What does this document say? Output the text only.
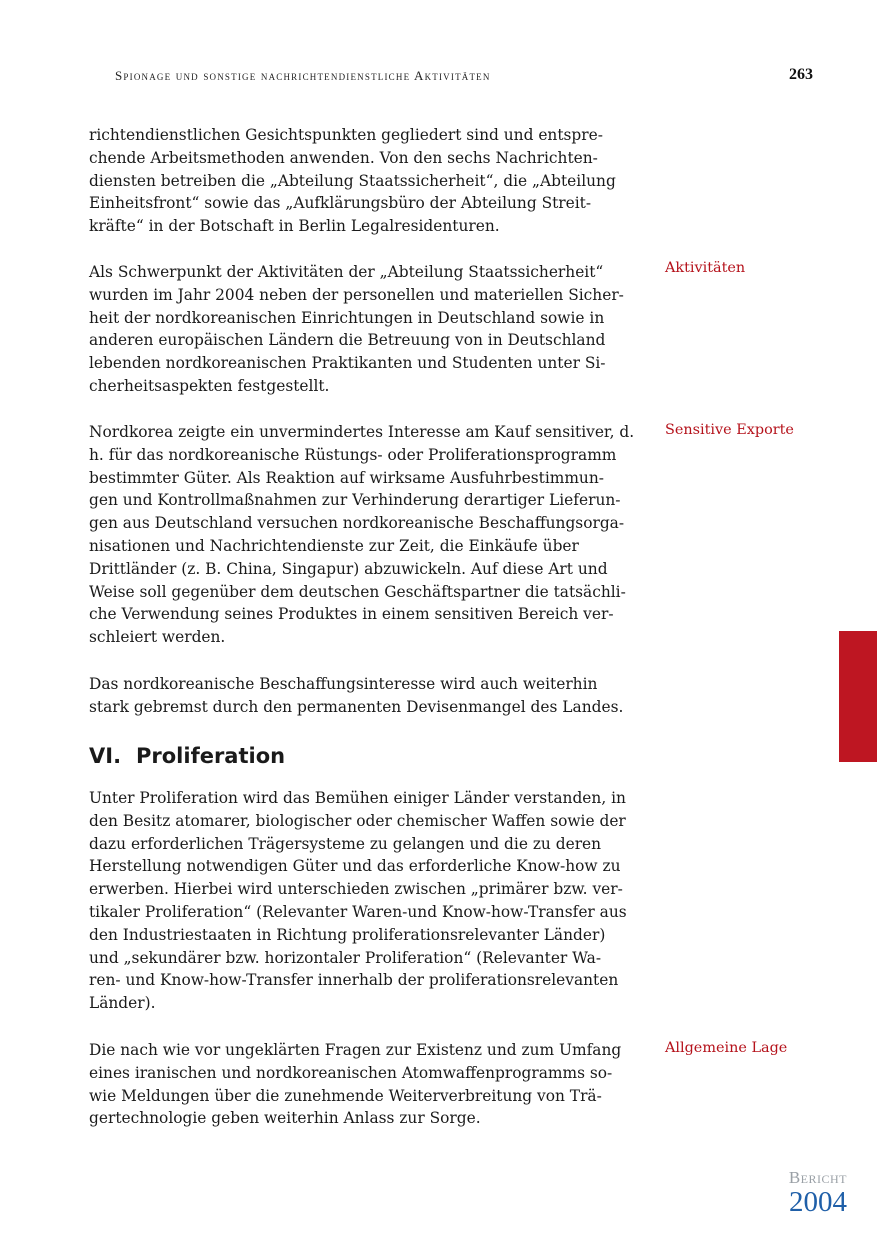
Spionage und sonstige nachrichtendienstliche Aktivitäten	263
richtendienstlichen Gesichtspunkten gegliedert sind und entspre-
chende Arbeitsmethoden anwenden. Von den sechs Nachrichten-
diensten betreiben die „Abteilung Staatssicherheit“, die „Abteilung
Einheitsfront“ sowie das „Aufklärungsbüro der Abteilung Streit-
kräfte“ in der Botschaft in Berlin Legalresidenturen.
Aktivitäten
Als Schwerpunkt der Aktivitäten der „Abteilung Staatssicherheit“
wurden im Jahr 2004 neben der personellen und materiellen Sicher-
heit der nordkoreanischen Einrichtungen in Deutschland sowie in
anderen europäischen Ländern die Betreuung von in Deutschland
lebenden nordkoreanischen Praktikanten und Studenten unter Si-
cherheitsaspekten festgestellt.
Sensitive Exporte
Nordkorea zeigte ein unvermindertes Interesse am Kauf sensitiver, d.
h. für das nordkoreanische Rüstungs- oder Proliferationsprogramm
bestimmter Güter. Als Reaktion auf wirksame Ausfuhrbestimmun-
gen und Kontrollmaßnahmen zur Verhinderung derartiger Lieferun-
gen aus Deutschland versuchen nordkoreanische Beschaffungsorga-
nisationen und Nachrichtendienste zur Zeit, die Einkäufe über
Drittländer (z. B. China, Singapur) abzuwickeln. Auf diese Art und
Weise soll gegenüber dem deutschen Geschäftspartner die tatsächli-
che Verwendung seines Produktes in einem sensitiven Bereich ver-
schleiert werden.
Das nordkoreanische Beschaffungsinteresse wird auch weiterhin
stark gebremst durch den permanenten Devisenmangel des Landes.
VI. Proliferation
Unter Proliferation wird das Bemühen einiger Länder verstanden, in
den Besitz atomarer, biologischer oder chemischer Waffen sowie der
dazu erforderlichen Trägersysteme zu gelangen und die zu deren
Herstellung notwendigen Güter und das erforderliche Know-how zu
erwerben. Hierbei wird unterschieden zwischen „primärer bzw. ver-
tikaler Proliferation“ (Relevanter Waren-und Know-how-Transfer aus
den Industriestaaten in Richtung proliferationsrelevanter Länder)
und „sekundärer bzw. horizontaler Proliferation“ (Relevanter Wa-
ren- und Know-how-Transfer innerhalb der proliferationsrelevanten
Länder).
Allgemeine Lage
Die nach wie vor ungeklärten Fragen zur Existenz und zum Umfang
eines iranischen und nordkoreanischen Atomwaffenprogramms so-
wie Meldungen über die zunehmende Weiterverbreitung von Trä-
gertechnologie geben weiterhin Anlass zur Sorge.
Bericht
2004
